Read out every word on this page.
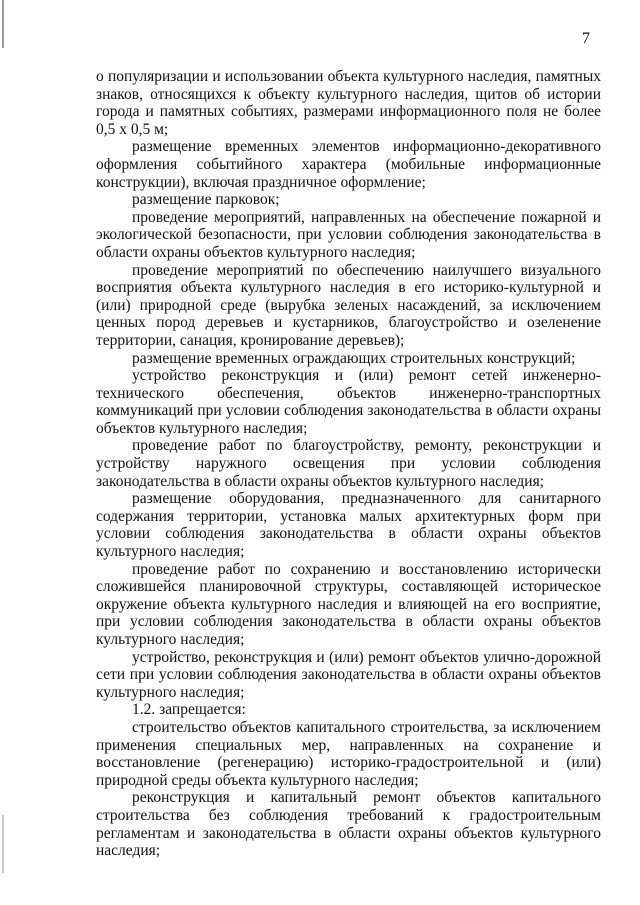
7

о популяризации и использовании объекта культурного наследия, памятных знаков, относящихся к объекту культурного наследия, щитов об истории города и памятных событиях, размерами информационного поля не более 0,5 х 0,5 м;

размещение временных элементов информационно-декоративного оформления событийного характера (мобильные информационные конструкции), включая праздничное оформление;

размещение парковок;

проведение мероприятий, направленных на обеспечение пожарной и экологической безопасности, при условии соблюдения законодательства в области охраны объектов культурного наследия;

проведение мероприятий по обеспечению наилучшего визуального восприятия объекта культурного наследия в его историко-культурной и (или) природной среде (вырубка зеленых насаждений, за исключением ценных пород деревьев и кустарников, благоустройство и озеленение территории, санация, кронирование деревьев);

размещение временных ограждающих строительных конструкций;

устройство реконструкция и (или) ремонт сетей инженерно-технического обеспечения, объектов инженерно-транспортных коммуникаций при условии соблюдения законодательства в области охраны объектов культурного наследия;

проведение работ по благоустройству, ремонту, реконструкции и устройству наружного освещения при условии соблюдения законодательства в области охраны объектов культурного наследия;

размещение оборудования, предназначенного для санитарного содержания территории, установка малых архитектурных форм при условии соблюдения законодательства в области охраны объектов культурного наследия;

проведение работ по сохранению и восстановлению исторически сложившейся планировочной структуры, составляющей историческое окружение объекта культурного наследия и влияющей на его восприятие, при условии соблюдения законодательства в области охраны объектов культурного наследия;

устройство, реконструкция и (или) ремонт объектов улично-дорожной сети при условии соблюдения законодательства в области охраны объектов культурного наследия;

1.2. запрещается:

строительство объектов капитального строительства, за исключением применения специальных мер, направленных на сохранение и восстановление (регенерацию) историко-градостроительной и (или) природной среды объекта культурного наследия;

реконструкция и капитальный ремонт объектов капитального строительства без соблюдения требований к градостроительным регламентам и законодательства в области охраны объектов культурного наследия;
